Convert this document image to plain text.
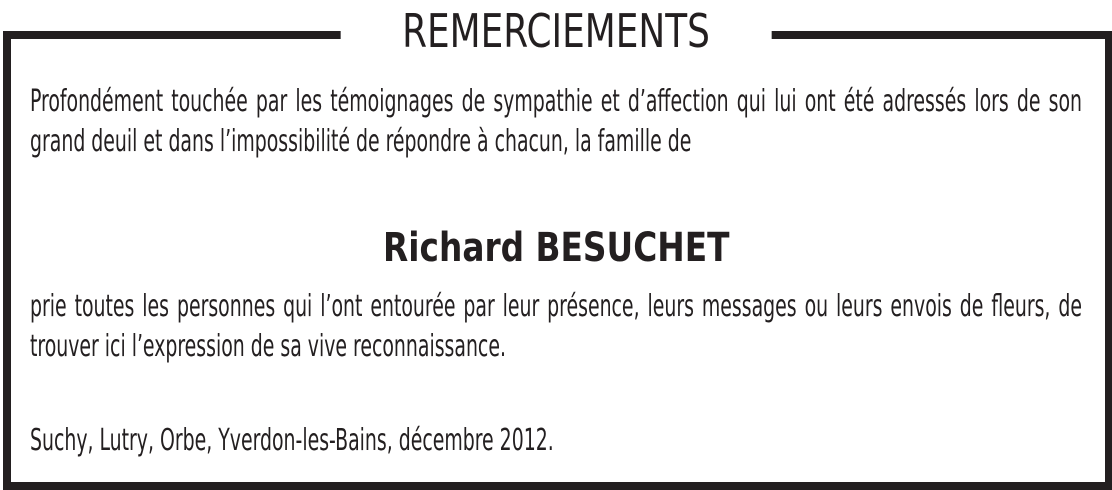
REMERCIEMENTS
Profondément touchée par les témoignages de sympathie et d’affection qui lui ont été adressés lors de son grand deuil et dans l’impossibilité de répondre à chacun, la famille de
Richard BESUCHET
prie toutes les personnes qui l’ont entourée par leur présence, leurs messages ou leurs envois de fleurs, de trouver ici l’expression de sa vive reconnaissance.
Suchy, Lutry, Orbe, Yverdon-les-Bains, décembre 2012.
